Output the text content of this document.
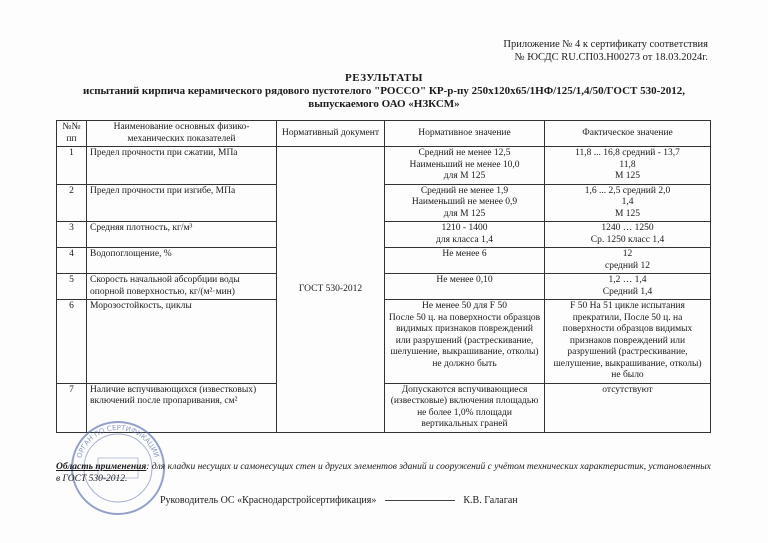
Приложение № 4 к сертификату соответствия
№ ЮСДС RU.СП03.Н00273 от 18.03.2024г.
РЕЗУЛЬТАТЫ
испытаний кирпича керамического рядового пустотелого "РОССО" КР-р-пу 250х120х65/1НФ/125/1,4/50/ГОСТ 530-2012,
выпускаемого ОАО «НЗКСМ»
№№ пп	Наименование основных физико-механических показателей	Нормативный документ	Нормативное значение	Фактическое значение
1	Предел прочности при сжатии, МПа	ГОСТ 530-2012	Средний не менее 12,5
Наименьший не менее 10,0
для М 125	11,8 ... 16,8 средний - 13,7
11,8
М 125

2	Предел прочности при изгибе, МПа		Средний не менее 1,9
Наименьший не менее 0,9
для М 125	1,6 ... 2,5 средний 2,0
1,4
М 125

3	Средняя плотность, кг/м³		1210 - 1400
для класса 1,4	1240 … 1250
Ср. 1250 класс 1,4

4	Водопоглощение, %		Не менее 6	12
средний 12

5	Скорость начальной абсорбции воды опорной поверхностью, кг/(м²·мин)		Не менее 0,10	1,2 … 1,4
Средний 1,4

6	Морозостойкость, циклы		Не менее 50 для F 50
После 50 ц. на поверхности образцов видимых признаков повреждений или разрушений (растрескивание, шелушение, выкрашивание, отколы) не должно быть	F 50 На 51 цикле испытания прекратили, После 50 ц. на поверхности образцов видимых признаков повреждений или разрушений (растрескивание, шелушение, выкрашивание, отколы) не было

7	Наличие вспучивающихся (известковых) включений после пропаривания, см²		Допускаются вспучивающиеся (известковые) включения площадью не более 1,0% площади вертикальных граней	отсутствуют
ОРГАН ПО СЕРТИФИКАЦИИ
Область применения: для кладки несущих и самонесущих стен и других элементов зданий и сооружений с учётом технических характеристик, установленных в ГОСТ 530-2012.
Руководитель ОС «Краснодарстройсертификация»	К.В. Галаган
